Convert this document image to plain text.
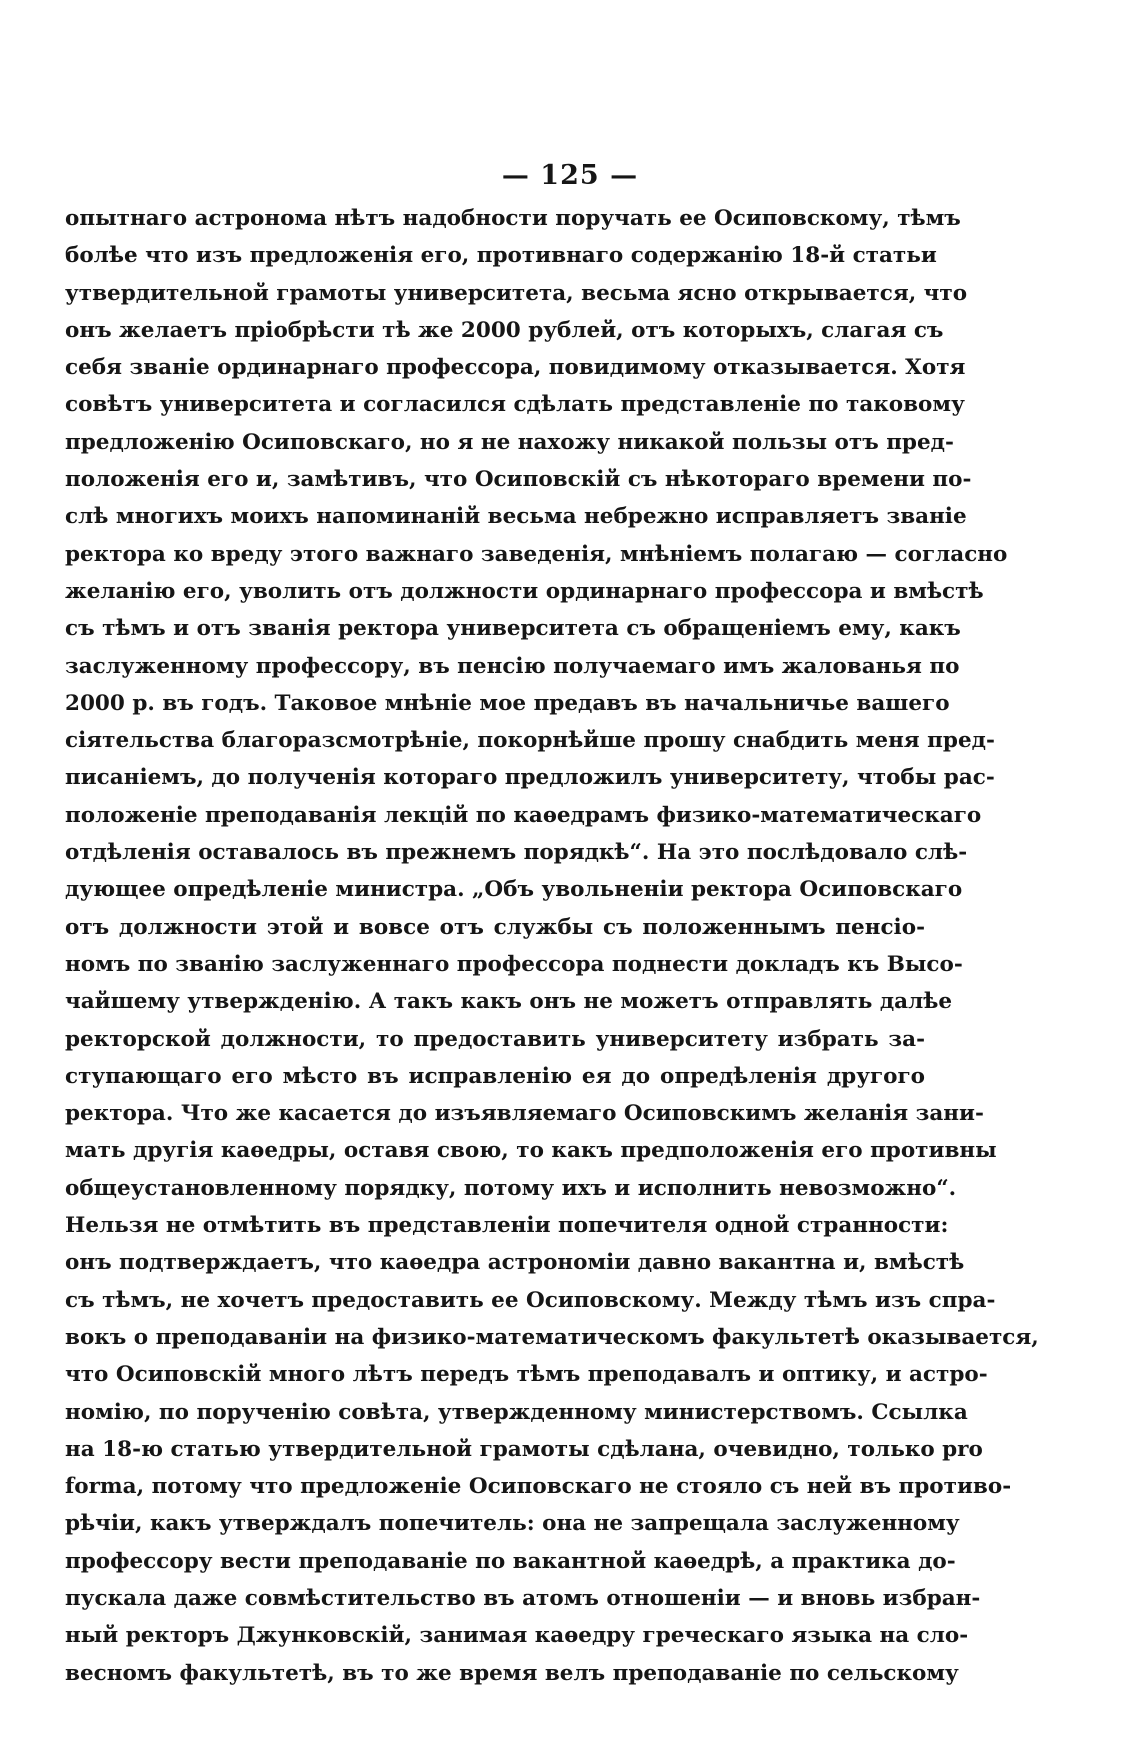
— 125 —
опытнаго астронома нѣтъ надобности поручать ее Осиповскому, тѣмъ
болѣе что изъ предложенія его, противнаго содержанію 18-й статьи
утвердительной грамоты университета, весьма ясно открывается, что
онъ желаетъ пріобрѣсти тѣ же 2000 рублей, отъ которыхъ, слагая съ
себя званіе ординарнаго профессора, повидимому отказывается. Хотя
совѣтъ университета и согласился сдѣлать представленіе по таковому
предложенію Осиповскаго, но я не нахожу никакой пользы отъ пред-
положенія его и, замѣтивъ, что Осиповскій съ нѣкотораго времени по-
слѣ многихъ моихъ напоминаній весьма небрежно исправляетъ званіе
ректора ко вреду этого важнаго заведенія, мнѣніемъ полагаю — согласно
желанію его, уволить отъ должности ординарнаго профессора и вмѣстѣ
съ тѣмъ и отъ званія ректора университета съ обращеніемъ ему, какъ
заслуженному профессору, въ пенсію получаемаго имъ жалованья по
2000 р. въ годъ. Таковое мнѣніе мое предавъ въ начальничье вашего
сіятельства благоразсмотрѣніе, покорнѣйше прошу снабдить меня пред-
писаніемъ, до полученія котораго предложилъ университету, чтобы рас-
положеніе преподаванія лекцій по каѳедрамъ физико-математическаго
отдѣленія оставалось въ прежнемъ порядкѣ“. На это послѣдовало слѣ-
дующее опредѣленіе министра. „Объ увольненіи ректора Осиповскаго
отъ должности этой и вовсе отъ службы съ положеннымъ пенсіо-
номъ по званію заслуженнаго профессора поднести докладъ къ Высо-
чайшему утвержденію. А такъ какъ онъ не можетъ отправлять далѣе
ректорской должности, то предоставить университету избрать за-
ступающаго его мѣсто въ исправленію ея до опредѣленія другого
ректора. Что же касается до изъявляемаго Осиповскимъ желанія зани-
мать другія каѳедры, оставя свою, то какъ предположенія его противны
общеустановленному порядку, потому ихъ и исполнить невозможно“.
Нельзя не отмѣтить въ представленіи попечителя одной странности:
онъ подтверждаетъ, что каѳедра астрономіи давно вакантна и, вмѣстѣ
съ тѣмъ, не хочетъ предоставить ее Осиповскому. Между тѣмъ изъ спра-
вокъ о преподаваніи на физико-математическомъ факультетѣ оказывается,
что Осиповскій много лѣтъ передъ тѣмъ преподавалъ и оптику, и астро-
номію, по порученію совѣта, утвержденному министерствомъ. Ссылка
на 18-ю статью утвердительной грамоты сдѣлана, очевидно, только pro
forma, потому что предложеніе Осиповскаго не стояло съ ней въ противо-
рѣчіи, какъ утверждалъ попечитель: она не запрещала заслуженному
профессору вести преподаваніе по вакантной каѳедрѣ, а практика до-
пускала даже совмѣстительство въ атомъ отношеніи — и вновь избран-
ный ректоръ Джунковскій, занимая каѳедру греческаго языка на сло-
весномъ факультетѣ, въ то же время велъ преподаваніе по сельскому
